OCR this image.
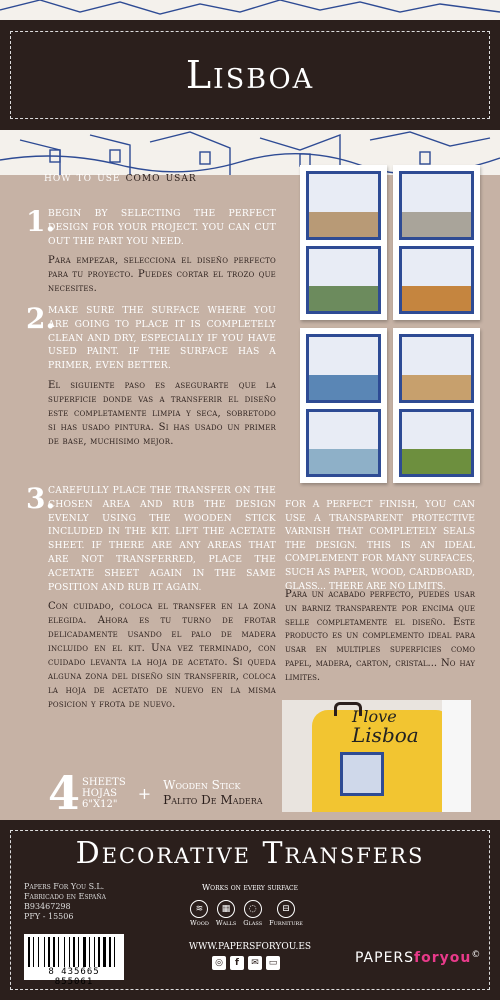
Lisboa
how to use como usar
1.
BEGIN BY SELECTING THE PERFECT DESIGN FOR YOUR PROJECT. YOU CAN CUT OUT THE PART YOU NEED.
Para empezar, selecciona el diseño perfecto para tu proyecto. Puedes cortar el trozo que necesites.
2.
MAKE SURE THE SURFACE WHERE YOU ARE GOING TO PLACE IT IS COMPLETELY CLEAN AND DRY, ESPECIALLY IF YOU HAVE USED PAINT. IF THE SURFACE HAS A PRIMER, EVEN BETTER.
El siguiente paso es asegurarte que la superficie donde vas a transferir el diseño este completamente limpia y seca, sobretodo si has usado pintura. Si has usado un primer de base, muchisimo mejor.
3.
CAREFULLY PLACE THE TRANSFER ON THE CHOSEN AREA AND RUB THE DESIGN EVENLY USING THE WOODEN STICK INCLUDED IN THE KIT. LIFT THE ACETATE SHEET. IF THERE ARE ANY AREAS THAT ARE NOT TRANSFERRED, PLACE THE ACETATE SHEET AGAIN IN THE SAME POSITION AND RUB IT AGAIN.
Con cuidado, coloca el transfer en la zona elegida. Ahora es tu turno de frotar delicadamente usando el palo de madera incluido en el kit. Una vez terminado, con cuidado levanta la hoja de acetato. Si queda alguna zona del diseño sin transferir, coloca la hoja de acetato de nuevo en la misma posicion y frota de nuevo.
FOR A PERFECT FINISH, YOU CAN USE A TRANSPARENT PROTECTIVE VARNISH THAT COMPLETELY SEALS THE DESIGN. THIS IS AN IDEAL COMPLEMENT FOR MANY SURFACES, SUCH AS PAPER, WOOD, CARDBOARD, GLASS... THERE ARE NO LIMITS.
Para un acabado perfecto, puedes usar un barniz transparente por encima que selle completamente el diseño. Este producto es un complemento ideal para usar en multiples superficies como papel, madera, carton, cristal... No hay limites.
I love
Lisboa
4 SHEETS
HOJAS
6"X12"
+ Wooden Stick
Palito De Madera
Decorative Transfers
Papers For You S.L.
Fabricado en España
B93467298
PFY - 15506
8 435665 855061
Works on every surface
≋
Wood
▦
Walls
◌
Glass
⊟
Furniture
WWW.PAPERSFORYOU.ES
◎	f	✉	▭	PAPERSforyou©
